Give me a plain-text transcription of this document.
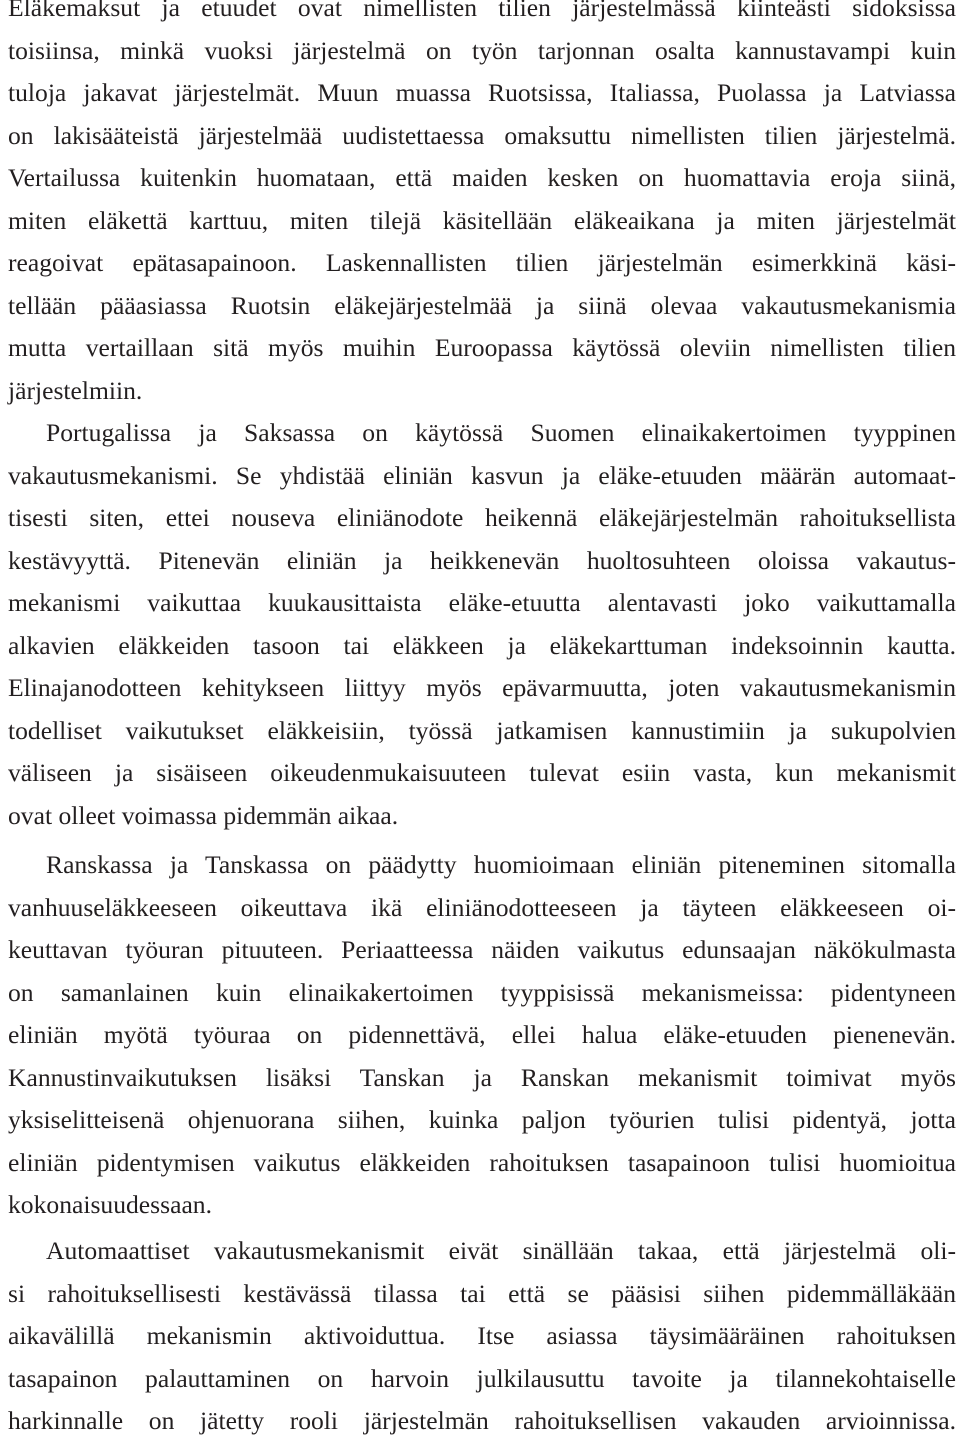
Eläkemaksut ja etuudet ovat nimellisten tilien järjestelmässä kiinteästi sidoksissa
toisiinsa, minkä vuoksi järjestelmä on työn tarjonnan osalta kannustavampi kuin
tuloja jakavat järjestelmät. Muun muassa Ruotsissa, Italiassa, Puolassa ja Latviassa
on lakisääteistä järjestelmää uudistettaessa omaksuttu nimellisten tilien järjestelmä.
Vertailussa kuitenkin huomataan, että maiden kesken on huomattavia eroja siinä,
miten eläkettä karttuu, miten tilejä käsitellään eläkeaikana ja miten järjestelmät
reagoivat epätasapainoon. Laskennallisten tilien järjestelmän esimerkkinä käsi-
tellään pääasiassa Ruotsin eläkejärjestelmää ja siinä olevaa vakautusmekanismia
mutta vertaillaan sitä myös muihin Euroopassa käytössä oleviin nimellisten tilien
järjestelmiin.
Portugalissa ja Saksassa on käytössä Suomen elinaikakertoimen tyyppinen
vakautusmekanismi. Se yhdistää eliniän kasvun ja eläke-etuuden määrän automaat-
tisesti siten, ettei nouseva eliniänodote heikennä eläkejärjestelmän rahoituksellista
kestävyyttä. Pitenevän eliniän ja heikkenevän huoltosuhteen oloissa vakautus-
mekanismi vaikuttaa kuukausittaista eläke-etuutta alentavasti joko vaikuttamalla
alkavien eläkkeiden tasoon tai eläkkeen ja eläkekarttuman indeksoinnin kautta.
Elinajanodotteen kehitykseen liittyy myös epävarmuutta, joten vakautusmekanismin
todelliset vaikutukset eläkkeisiin, työssä jatkamisen kannustimiin ja sukupolvien
väliseen ja sisäiseen oikeudenmukaisuuteen tulevat esiin vasta, kun mekanismit
ovat olleet voimassa pidemmän aikaa.
Ranskassa ja Tanskassa on päädytty huomioimaan eliniän piteneminen sitomalla
vanhuuseläkkeeseen oikeuttava ikä eliniänodotteeseen ja täyteen eläkkeeseen oi-
keuttavan työuran pituuteen. Periaatteessa näiden vaikutus edunsaajan näkökulmasta
on samanlainen kuin elinaikakertoimen tyyppisissä mekanismeissa: pidentyneen
eliniän myötä työuraa on pidennettävä, ellei halua eläke-etuuden pienenevän.
Kannustinvaikutuksen lisäksi Tanskan ja Ranskan mekanismit toimivat myös
yksiselitteisenä ohjenuorana siihen, kuinka paljon työurien tulisi pidentyä, jotta
eliniän pidentymisen vaikutus eläkkeiden rahoituksen tasapainoon tulisi huomioitua
kokonaisuudessaan.
Automaattiset vakautusmekanismit eivät sinällään takaa, että järjestelmä oli-
si rahoituksellisesti kestävässä tilassa tai että se pääsisi siihen pidemmälläkään
aikavälillä mekanismin aktivoiduttua. Itse asiassa täysimääräinen rahoituksen
tasapainon palauttaminen on harvoin julkilausuttu tavoite ja tilannekohtaiselle
harkinnalle on jätetty rooli järjestelmän rahoituksellisen vakauden arvioinnissa.
